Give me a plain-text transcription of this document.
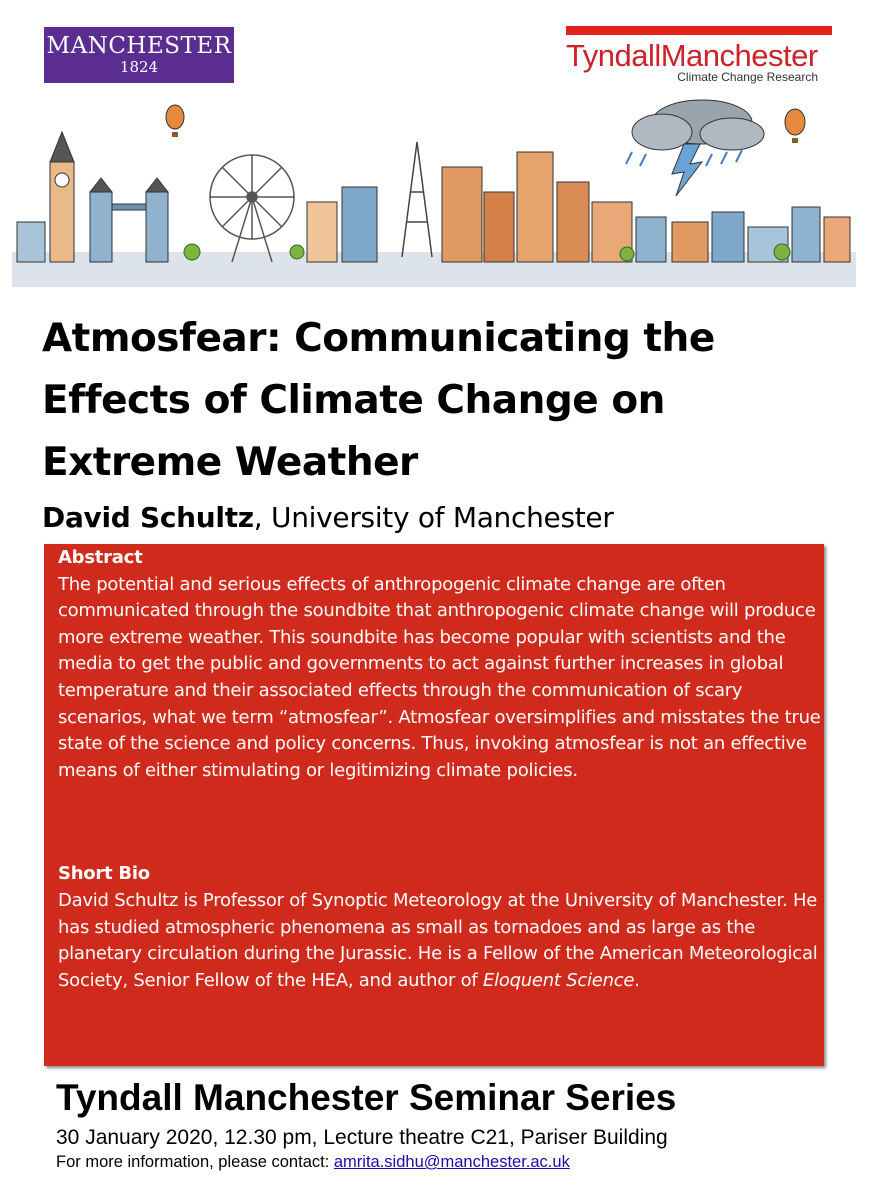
MANCHESTER
1824	TyndallManchester
Climate Change Research
Atmosfear: Communicating the Effects of Climate Change on Extreme Weather
David Schultz, University of Manchester
Abstract

The potential and serious effects of anthropogenic climate change are often communicated through the soundbite that anthropogenic climate change will produce more extreme weather. This soundbite has become popular with scientists and the media to get the public and governments to act against further increases in global temperature and their associated effects through the communication of scary scenarios, what we term “atmosfear”. Atmosfear oversimplifies and misstates the true state of the science and policy concerns. Thus, invoking atmosfear is not an effective means of either stimulating or legitimizing climate policies.

Short Bio

David Schultz is Professor of Synoptic Meteorology at the University of Manchester. He has studied atmospheric phenomena as small as tornadoes and as large as the planetary circulation during the Jurassic. He is a Fellow of the American Meteorological Society, Senior Fellow of the HEA, and author of Eloquent Science.

Tyndall Manchester Seminar Series
30 January 2020, 12.30 pm, Lecture theatre C21, Pariser Building
For more information, please contact: amrita.sidhu@manchester.ac.uk
